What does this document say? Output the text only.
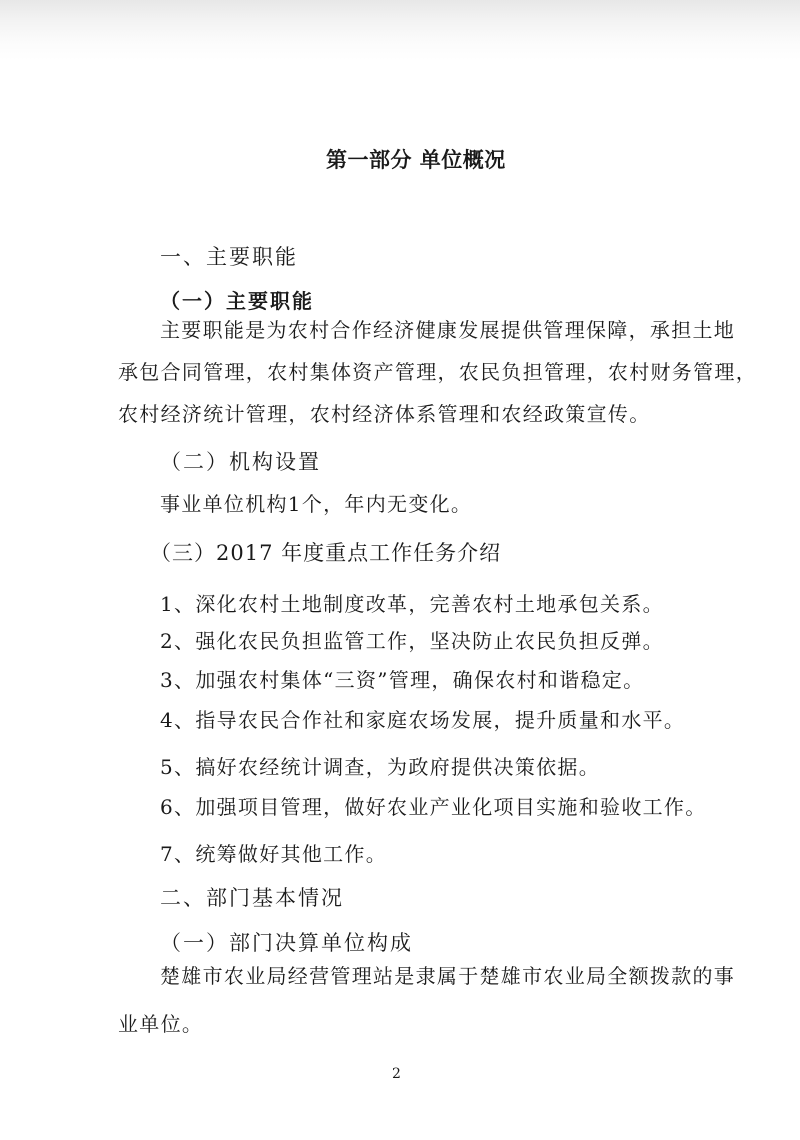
第一部分 单位概况
一、主要职能
（一）主要职能
主要职能是为农村合作经济健康发展提供管理保障，承担土地
承包合同管理，农村集体资产管理，农民负担管理，农村财务管理，
农村经济统计管理，农村经济体系管理和农经政策宣传。
（二）机构设置
事业单位机构1个，年内无变化。
（三）2017 年度重点工作任务介绍
1、深化农村土地制度改革，完善农村土地承包关系。
2、强化农民负担监管工作，坚决防止农民负担反弹。
3、加强农村集体“三资”管理，确保农村和谐稳定。
4、指导农民合作社和家庭农场发展，提升质量和水平。
5、搞好农经统计调查，为政府提供决策依据。
6、加强项目管理，做好农业产业化项目实施和验收工作。
7、统筹做好其他工作。
二、部门基本情况
（一）部门决算单位构成
楚雄市农业局经营管理站是隶属于楚雄市农业局全额拨款的事
业单位。
2
